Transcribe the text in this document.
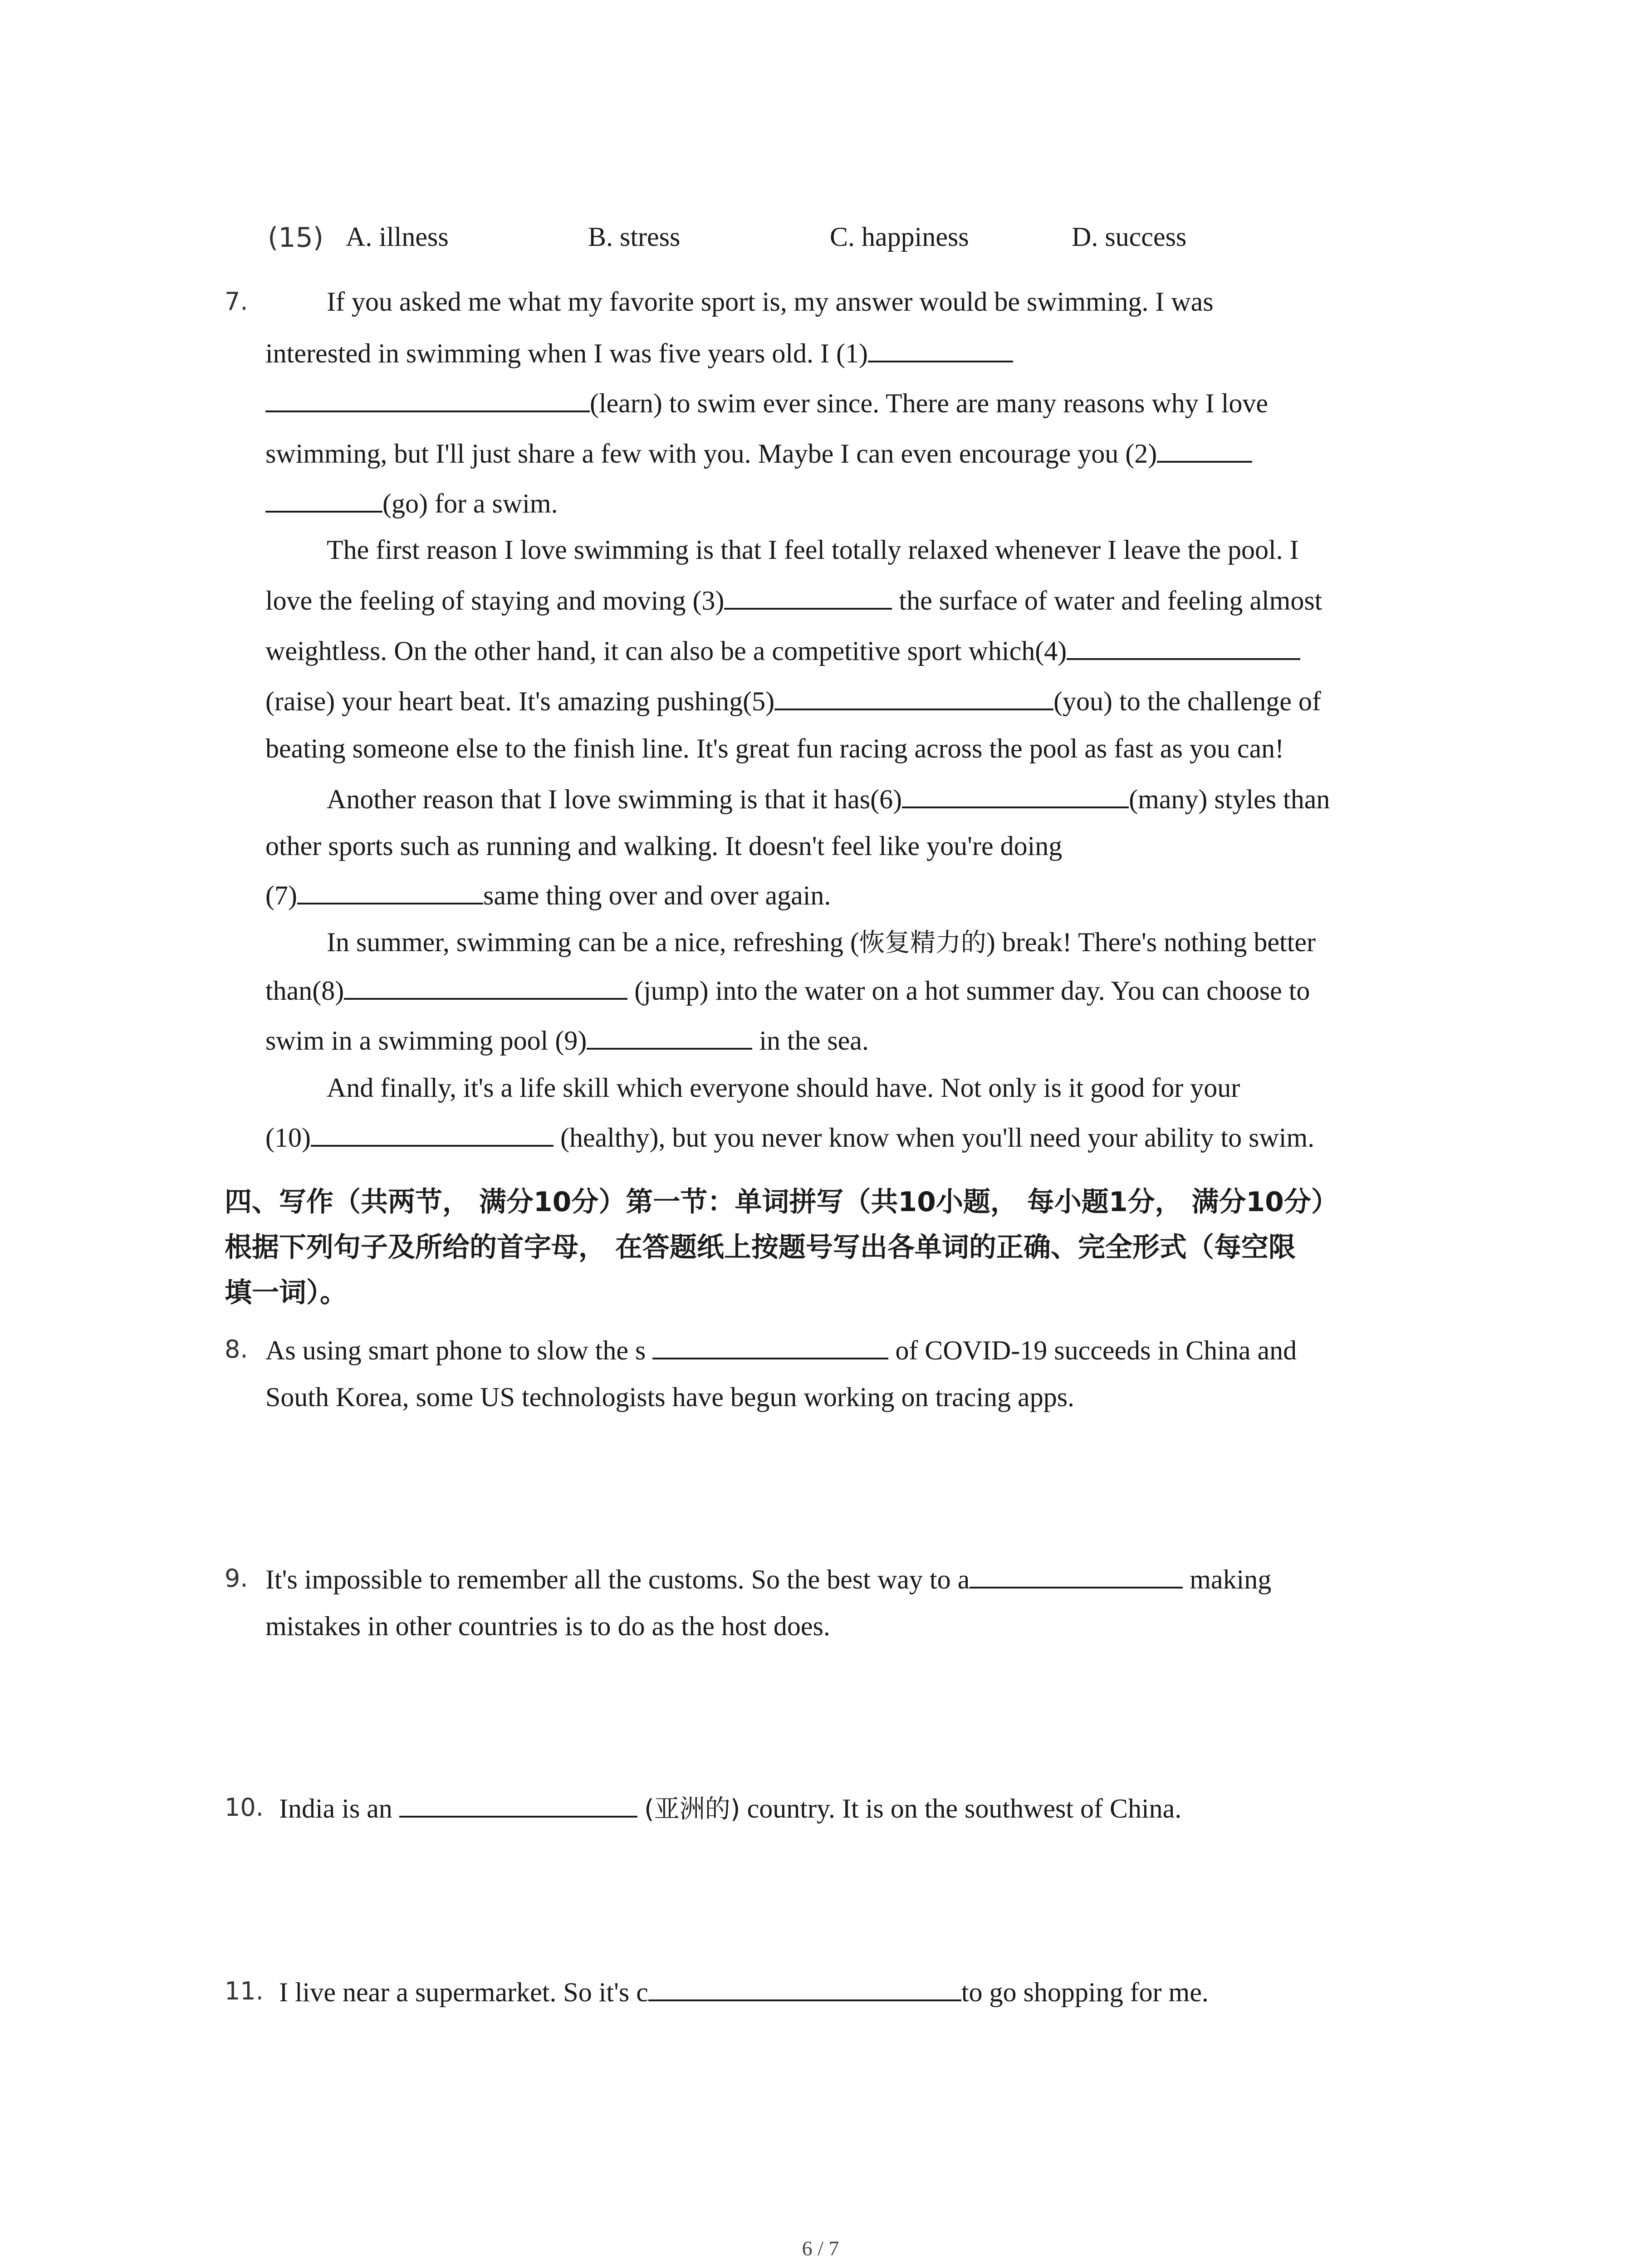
(15) A. illness	B. stress	C. happiness	D. success
7.	If you asked me what my favorite sport is, my answer would be swimming. I was
interested in swimming when I was five years old. I (1)
(learn) to swim ever since. There are many reasons why I love
swimming, but I'll just share a few with you. Maybe I can even encourage you (2)
(go) for a swim.
The first reason I love swimming is that I feel totally relaxed whenever I leave the pool. I
love the feeling of staying and moving (3)	the surface of water and feeling almost
weightless. On the other hand, it can also be a competitive sport which(4)
(raise) your heart beat. It's amazing pushing(5)	(you) to the challenge of
beating someone else to the finish line. It's great fun racing across the pool as fast as you can!
Another reason that I love swimming is that it has(6)	(many) styles than
other sports such as running and walking. It doesn't feel like you're doing
(7)	same thing over and over again.
In summer, swimming can be a nice, refreshing (恢复精力的) break! There's nothing better
than(8)	(jump) into the water on a hot summer day. You can choose to
swim in a swimming pool (9)	in the sea.
And finally, it's a life skill which everyone should have. Not only is it good for your
(10)	(healthy), but you never know when you'll need your ability to swim.
四、写作（共两节， 满分10分）第一节：单词拼写（共10小题， 每小题1分， 满分10分）
根据下列句子及所给的首字母， 在答题纸上按题号写出各单词的正确、完全形式（每空限
填一词）。
8. As using smart phone to slow the s	of COVID-19 succeeds in China and
South Korea, some US technologists have begun working on tracing apps.
9. It's impossible to remember all the customs. So the best way to a	making
mistakes in other countries is to do as the host does.
10. India is an	(亚洲的) country. It is on the southwest of China.
11. I live near a supermarket. So it's c	to go shopping for me.
6 / 7
